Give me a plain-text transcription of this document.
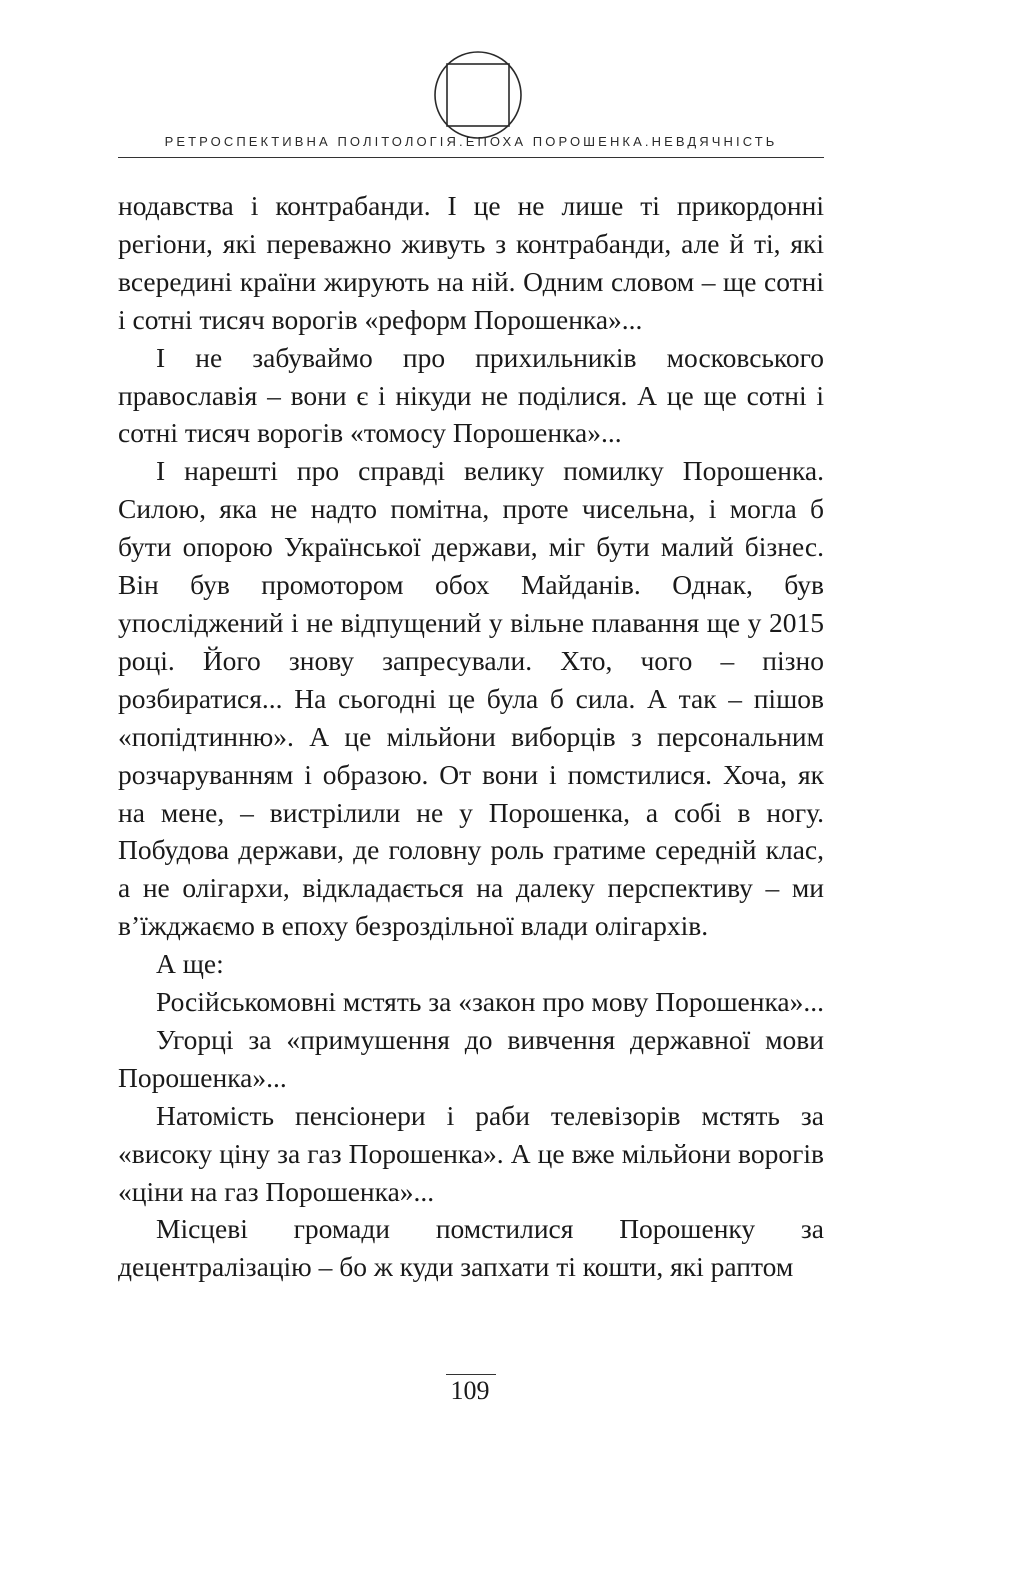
РЕТРОСПЕКТИВНА ПОЛІТОЛОГІЯ.ЕПОХА ПОРОШЕНКА.НЕВДЯЧНІСТЬ

нодавства і контрабанди. І це не лише ті прикордонні регіони, які переважно живуть з контрабанди, але й ті, які всередині країни жирують на ній. Одним словом – ще сотні і сотні тисяч ворогів «реформ Порошенка»...

І не забуваймо про прихильників московського православія – вони є і нікуди не поділися. А це ще сотні і сотні тисяч ворогів «томосу Порошенка»...

І нарешті про справді велику помилку Порошенка. Силою, яка не надто помітна, проте чисельна, і могла б бути опорою Української держави, міг бути малий бізнес. Він був промотором обох Майданів. Однак, був упосліджений і не відпущений у вільне плавання ще у 2015 році. Його знову запресували. Хто, чого – пізно розбиратися... На сьогодні це була б сила. А так – пішов «попідтинню». А це мільйони виборців з персональним розчаруванням і образою. От вони і помстилися. Хоча, як на мене, – вистрілили не у Порошенка, а собі в ногу. Побудова держави, де головну роль гратиме середній клас, а не олігархи, відкладається на далеку перспективу – ми в’їжджаємо в епоху безроздільної влади олігархів.

А ще:

Російськомовні мстять за «закон про мову Порошенка»...

Угорці за «примушення до вивчення державної мови Порошенка»...

Натомість пенсіонери і раби телевізорів мстять за «високу ціну за газ Порошенка». А це вже мільйони ворогів «ціни на газ Порошенка»...

Місцеві громади помстилися Порошенку за децентралізацію – бо ж куди запхати ті кошти, які раптом

109
